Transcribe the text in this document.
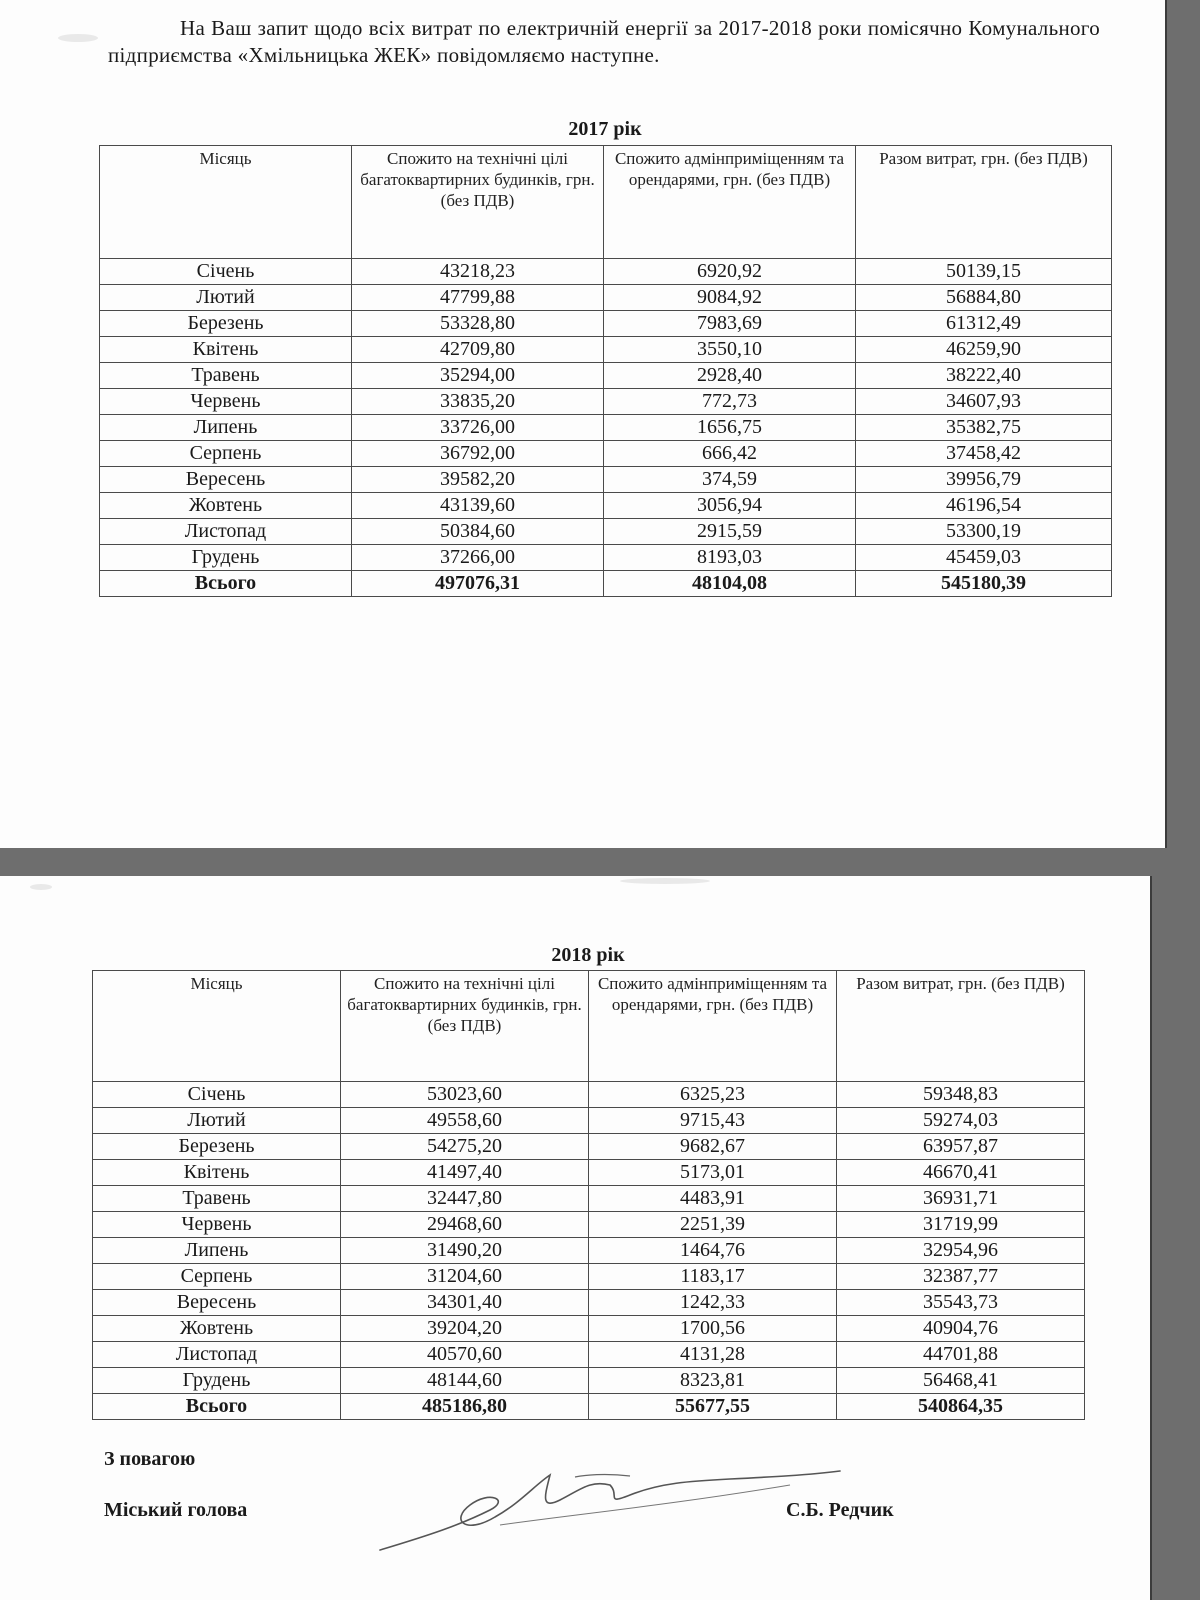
На Ваш запит щодо всіх витрат по електричній енергії за 2017-2018 роки помісячно Комунального підприємства «Хмільницька ЖЕК» повідомляємо наступне.

2017 рік

Місяць	Спожито на технічні цілі багатоквартирних будинків, грн.(без ПДВ)	Спожито адмінприміщенням та орендарями, грн. (без ПДВ)	Разом витрат, грн. (без ПДВ)
Січень	43218,23	6920,92	50139,15
Лютий	47799,88	9084,92	56884,80
Березень	53328,80	7983,69	61312,49
Квітень	42709,80	3550,10	46259,90
Травень	35294,00	2928,40	38222,40
Червень	33835,20	772,73	34607,93
Липень	33726,00	1656,75	35382,75
Серпень	36792,00	666,42	37458,42
Вересень	39582,20	374,59	39956,79
Жовтень	43139,60	3056,94	46196,54
Листопад	50384,60	2915,59	53300,19
Грудень	37266,00	8193,03	45459,03
Всього	497076,31	48104,08	545180,39

2018 рік

Місяць	Спожито на технічні цілі багатоквартирних будинків, грн.(без ПДВ)	Спожито адмінприміщенням та орендарями, грн. (без ПДВ)	Разом витрат, грн. (без ПДВ)
Січень	53023,60	6325,23	59348,83
Лютий	49558,60	9715,43	59274,03
Березень	54275,20	9682,67	63957,87
Квітень	41497,40	5173,01	46670,41
Травень	32447,80	4483,91	36931,71
Червень	29468,60	2251,39	31719,99
Липень	31490,20	1464,76	32954,96
Серпень	31204,60	1183,17	32387,77
Вересень	34301,40	1242,33	35543,73
Жовтень	39204,20	1700,56	40904,76
Листопад	40570,60	4131,28	44701,88
Грудень	48144,60	8323,81	56468,41
Всього	485186,80	55677,55	540864,35

З повагою

Міський голова	С.Б. Редчик
